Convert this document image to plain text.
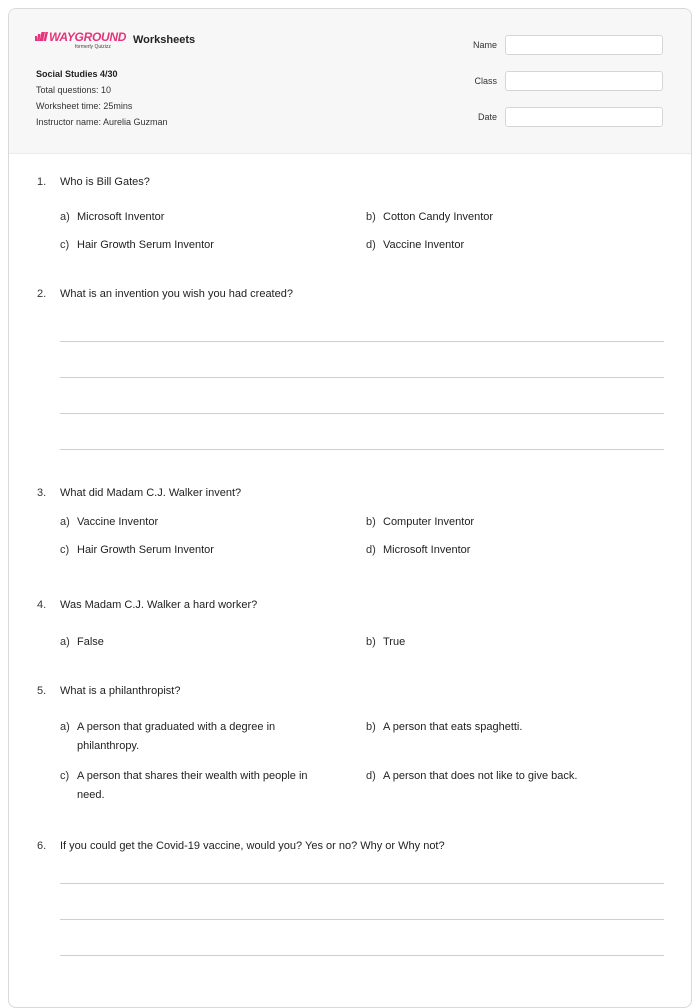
WAYGROUND
formerly Quizizz
Worksheets
Social Studies 4/30
Total questions: 10
Worksheet time: 25mins
Instructor name: Aurelia Guzman
Name
Class
Date
1. Who is Bill Gates?
a) Microsoft Inventor	b) Cotton Candy Inventor
c) Hair Growth Serum Inventor	d) Vaccine Inventor
2. What is an invention you wish you had created?
3. What did Madam C.J. Walker invent?
a) Vaccine Inventor	b) Computer Inventor
c) Hair Growth Serum Inventor	d) Microsoft Inventor
4. Was Madam C.J. Walker a hard worker?
a) False	b) True
5. What is a philanthropist?
a) A person that graduated with a degree in philanthropy.
b) A person that eats spaghetti.
c) A person that shares their wealth with people in need.
d) A person that does not like to give back.
6. If you could get the Covid-19 vaccine, would you? Yes or no? Why or Why not?
